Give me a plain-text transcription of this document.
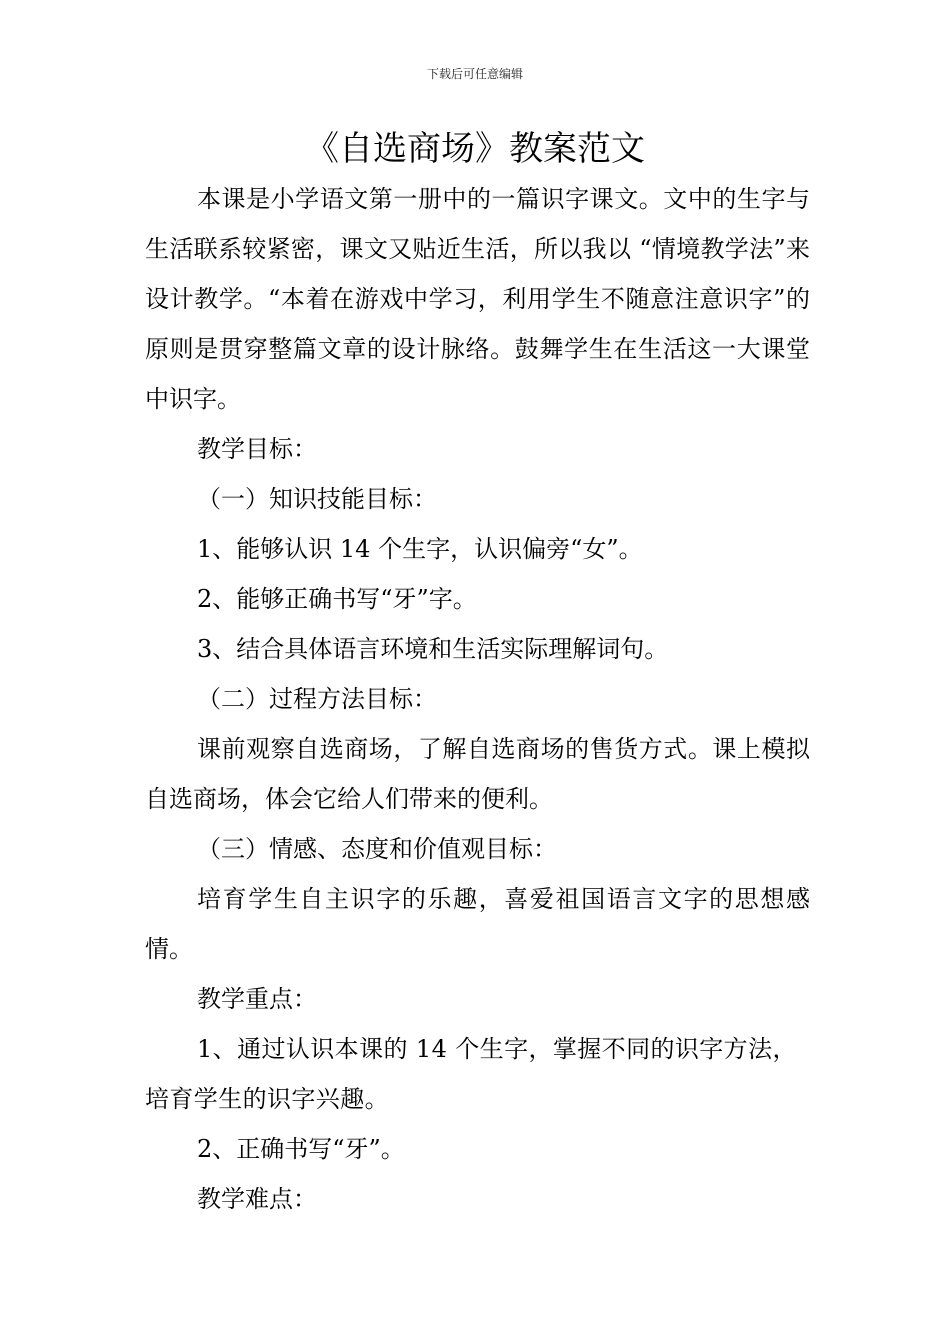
下载后可任意编辑
《自选商场》教案范文

本课是小学语文第一册中的一篇识字课文。文中的生字与生活联系较紧密，课文又贴近生活，所以我以 “情境教学法”来设计教学。“本着在游戏中学习，利用学生不随意注意识字”的原则是贯穿整篇文章的设计脉络。鼓舞学生在生活这一大课堂中识字。

教学目标：

（一）知识技能目标：

1、能够认识 14 个生字，认识偏旁“女”。

2、能够正确书写“牙”字。

3、结合具体语言环境和生活实际理解词句。

（二）过程方法目标：

课前观察自选商场，了解自选商场的售货方式。课上模拟自选商场，体会它给人们带来的便利。

（三）情感、态度和价值观目标：

培育学生自主识字的乐趣，喜爱祖国语言文字的思想感情。

教学重点：

1、通过认识本课的 14 个生字，掌握不同的识字方法，培育学生的识字兴趣。

2、正确书写“牙”。

教学难点：
